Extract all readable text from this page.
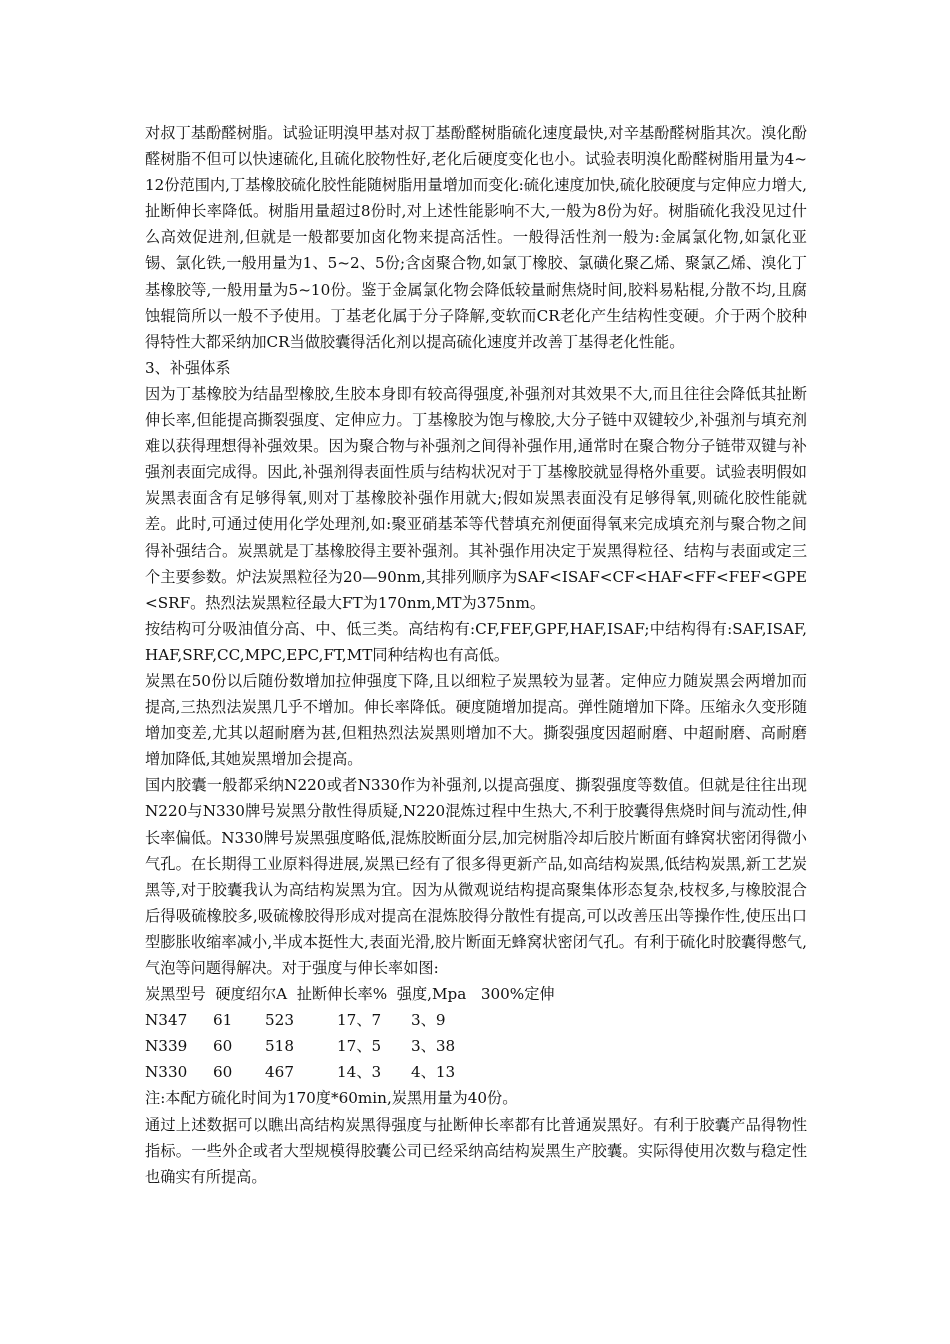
对叔丁基酚醛树脂。试验证明溴甲基对叔丁基酚醛树脂硫化速度最快,对辛基酚醛树脂其次。溴化酚醛树脂不但可以快速硫化,且硫化胶物性好,老化后硬度变化也小。试验表明溴化酚醛树脂用量为4~12份范围内,丁基橡胶硫化胶性能随树脂用量增加而变化:硫化速度加快,硫化胶硬度与定伸应力增大,扯断伸长率降低。树脂用量超过8份时,对上述性能影响不大,一般为8份为好。树脂硫化我没见过什么高效促进剂,但就是一般都要加卤化物来提高活性。一般得活性剂一般为:金属氯化物,如氯化亚锡、氯化铁,一般用量为1、5~2、5份;含卤聚合物,如氯丁橡胶、氯磺化聚乙烯、聚氯乙烯、溴化丁基橡胶等,一般用量为5~10份。鉴于金属氯化物会降低较量耐焦烧时间,胶料易粘棍,分散不均,且腐蚀辊筒所以一般不予使用。丁基老化属于分子降解,变软而CR老化产生结构性变硬。介于两个胶种得特性大都采纳加CR当做胶囊得活化剂以提高硫化速度并改善丁基得老化性能。

3、补强体系

因为丁基橡胶为结晶型橡胶,生胶本身即有较高得强度,补强剂对其效果不大,而且往往会降低其扯断伸长率,但能提高撕裂强度、定伸应力。丁基橡胶为饱与橡胶,大分子链中双键较少,补强剂与填充剂难以获得理想得补强效果。因为聚合物与补强剂之间得补强作用,通常时在聚合物分子链带双键与补强剂表面完成得。因此,补强剂得表面性质与结构状况对于丁基橡胶就显得格外重要。试验表明假如炭黑表面含有足够得氧,则对丁基橡胶补强作用就大;假如炭黑表面没有足够得氧,则硫化胶性能就差。此时,可通过使用化学处理剂,如:聚亚硝基苯等代替填充剂便面得氧来完成填充剂与聚合物之间得补强结合。炭黑就是丁基橡胶得主要补强剂。其补强作用决定于炭黑得粒径、结构与表面或定三个主要参数。炉法炭黑粒径为20—90nm,其排列顺序为SAF<ISAF<CF<HAF<FF<FEF<GPE<SRF。热烈法炭黑粒径最大FT为170nm,MT为375nm。

按结构可分吸油值分高、中、低三类。高结构有:CF,FEF,GPF,HAF,ISAF;中结构得有:SAF,ISAF,HAF,SRF,CC,MPC,EPC,FT,MT同种结构也有高低。

炭黑在50份以后随份数增加拉伸强度下降,且以细粒子炭黑较为显著。定伸应力随炭黑会两增加而提高,三热烈法炭黑几乎不增加。伸长率降低。硬度随增加提高。弹性随增加下降。压缩永久变形随增加变差,尤其以超耐磨为甚,但粗热烈法炭黑则增加不大。撕裂强度因超耐磨、中超耐磨、高耐磨增加降低,其她炭黑增加会提高。

国内胶囊一般都采纳N220或者N330作为补强剂,以提高强度、撕裂强度等数值。但就是往往出现N220与N330牌号炭黑分散性得质疑,N220混炼过程中生热大,不利于胶囊得焦烧时间与流动性,伸长率偏低。N330牌号炭黑强度略低,混炼胶断面分层,加完树脂冷却后胶片断面有蜂窝状密闭得微小气孔。在长期得工业原料得进展,炭黑已经有了很多得更新产品,如高结构炭黑,低结构炭黑,新工艺炭黑等,对于胶囊我认为高结构炭黑为宜。因为从微观说结构提高聚集体形态复杂,枝杈多,与橡胶混合后得吸硫橡胶多,吸硫橡胶得形成对提高在混炼胶得分散性有提高,可以改善压出等操作性,使压出口型膨胀收缩率减小,半成本挺性大,表面光滑,胶片断面无蜂窝状密闭气孔。有利于硫化时胶囊得憋气,气泡等问题得解决。对于强度与伸长率如图:

炭黑型号  硬度绍尔A  扯断伸长率%  强度,Mpa   300%定伸

N347	61	523	17、7	3、9
N339	60	518	17、5	3、38
N330	60	467	14、3	4、13

注:本配方硫化时间为170度*60min,炭黑用量为40份。

通过上述数据可以瞧出高结构炭黑得强度与扯断伸长率都有比普通炭黑好。有利于胶囊产品得物性指标。一些外企或者大型规模得胶囊公司已经采纳高结构炭黑生产胶囊。实际得使用次数与稳定性也确实有所提高。
